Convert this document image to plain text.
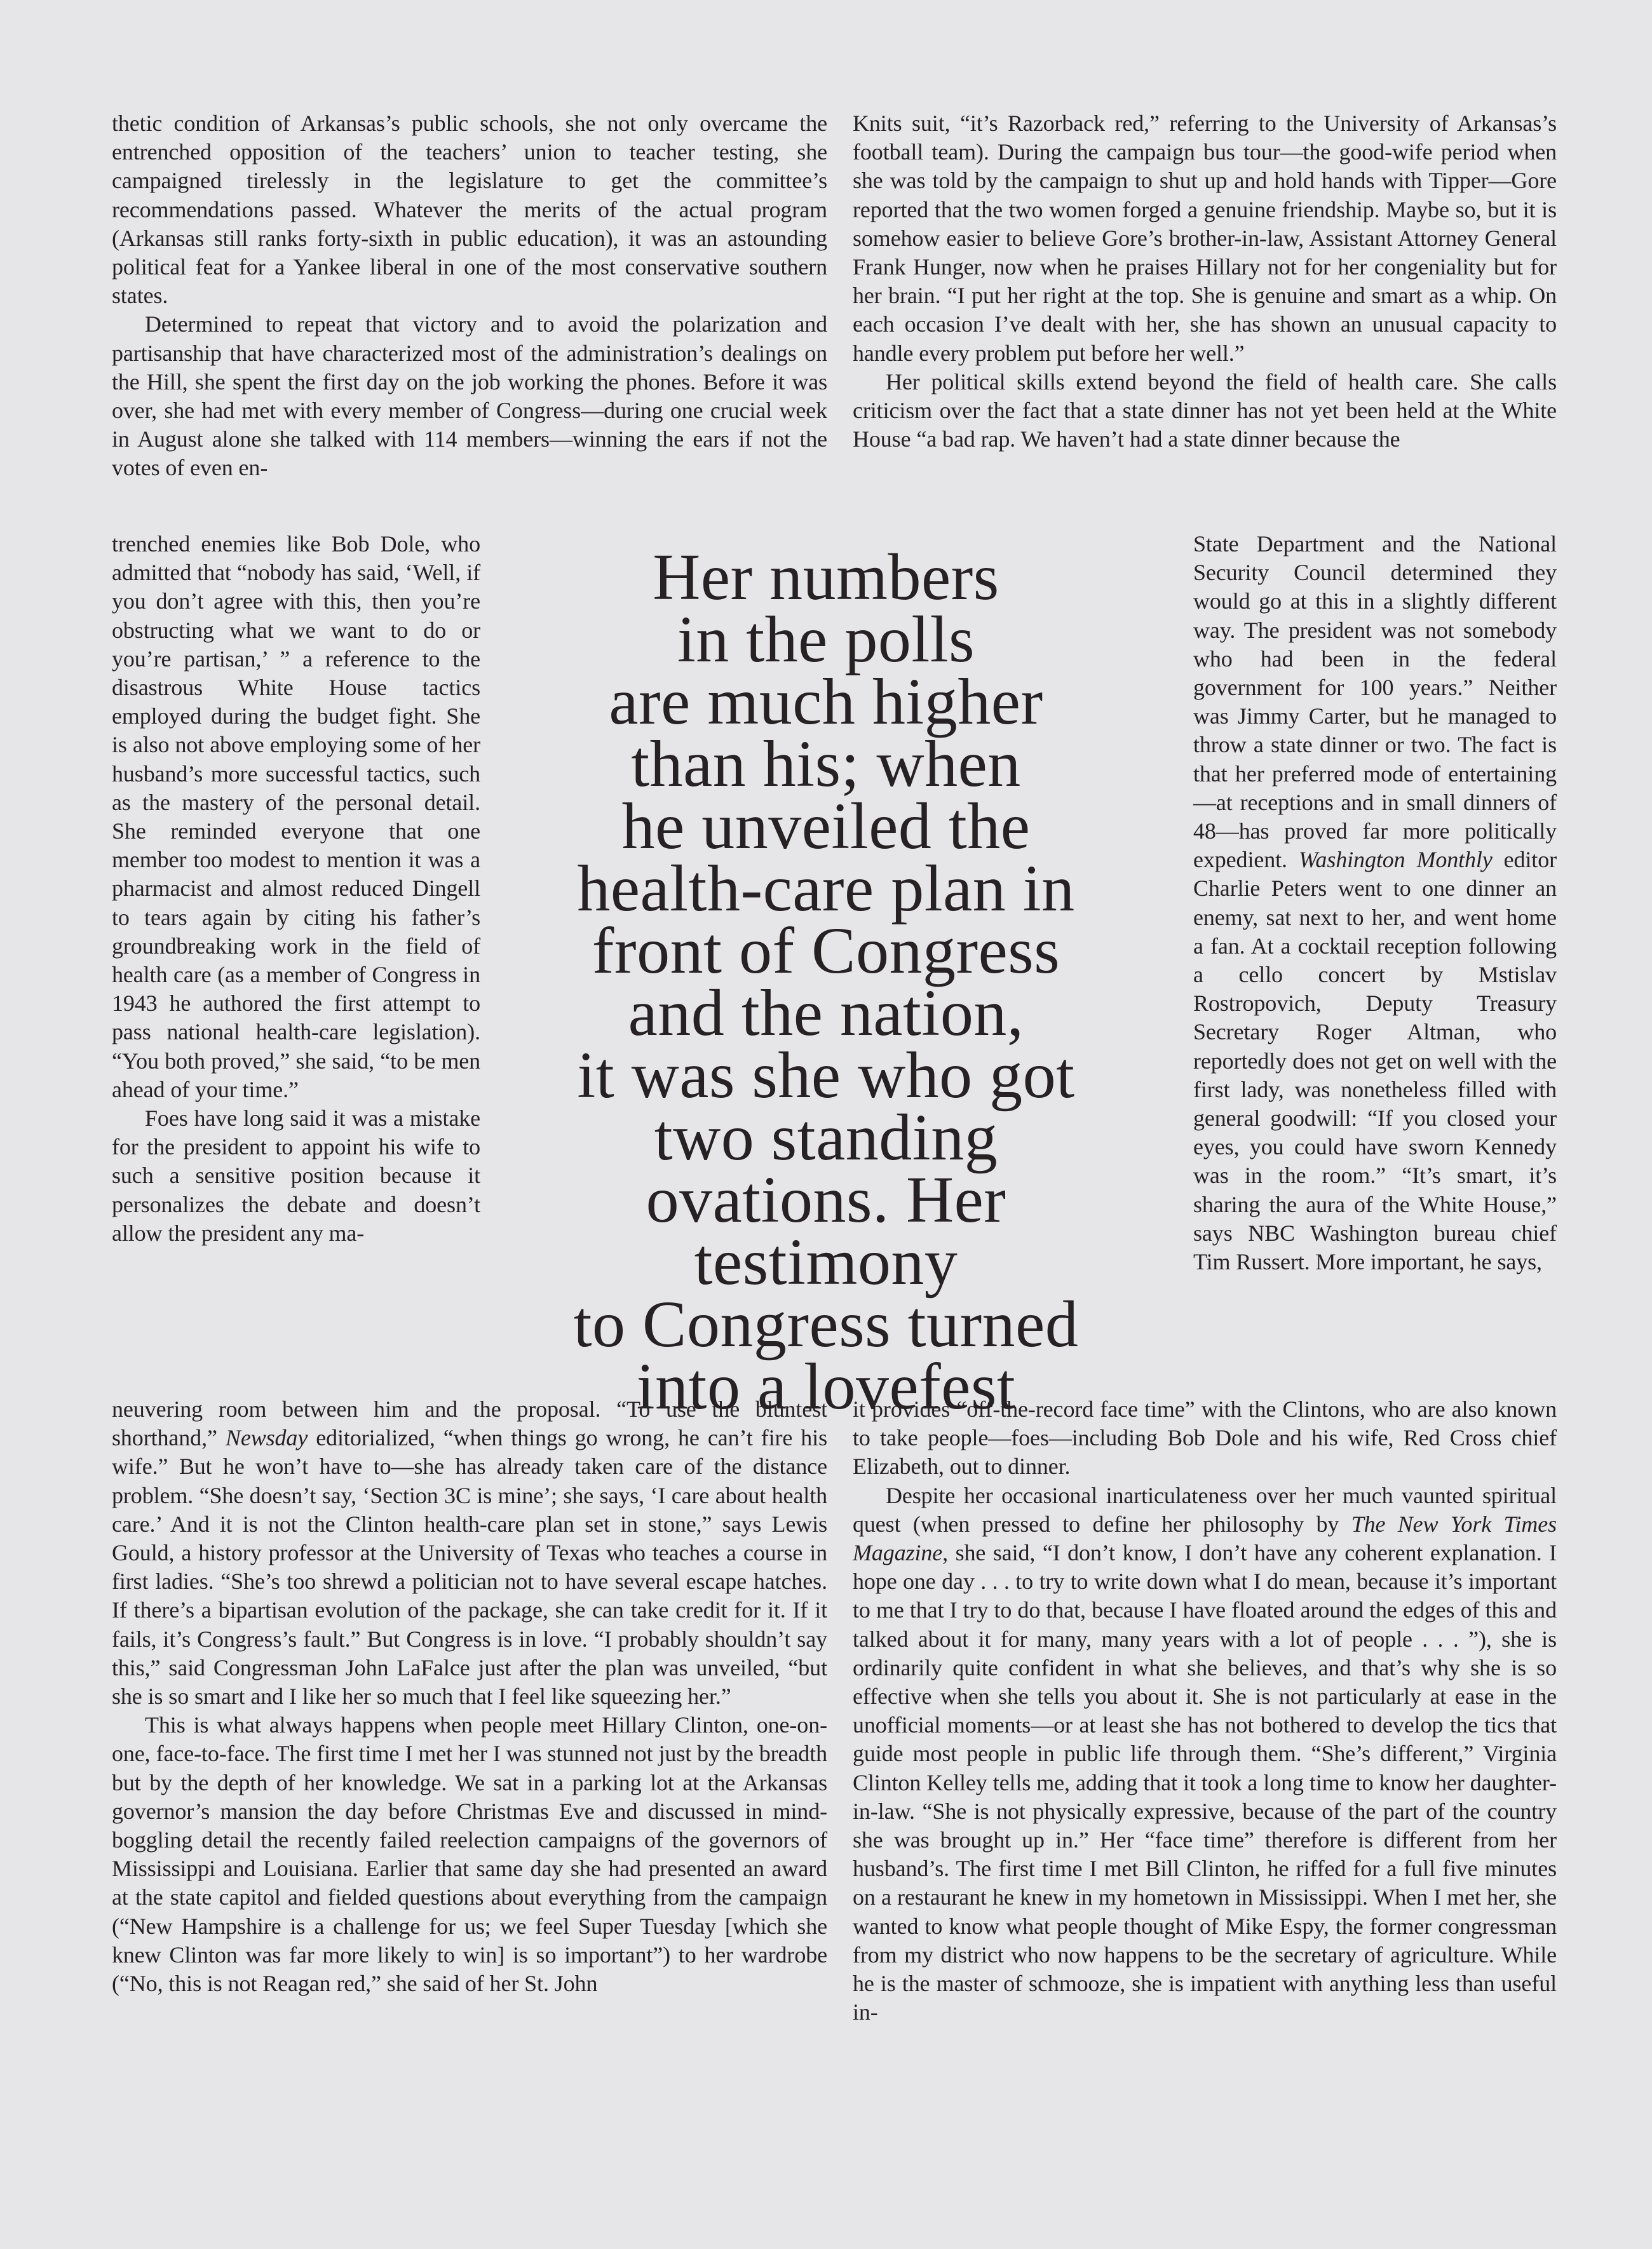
thetic condition of Arkansas’s public schools, she not only overcame the entrenched opposition of the teachers’ union to teacher testing, she campaigned tirelessly in the legislature to get the committee’s recommendations passed. Whatever the merits of the actual program (Arkansas still ranks forty-sixth in public education), it was an astounding political feat for a Yankee liberal in one of the most conservative southern states.

Determined to repeat that victory and to avoid the polarization and partisanship that have characterized most of the administration’s dealings on the Hill, she spent the first day on the job working the phones. Before it was over, she had met with every member of Congress—during one crucial week in August alone she talked with 114 members—winning the ears if not the votes of even en-

trenched enemies like Bob Dole, who admitted that “nobody has said, ‘Well, if you don’t agree with this, then you’re obstructing what we want to do or you’re partisan,’ ” a reference to the disastrous White House tactics employed during the budget fight. She is also not above employing some of her husband’s more successful tactics, such as the mastery of the personal detail. She reminded everyone that one member too modest to mention it was a pharmacist and almost reduced Dingell to tears again by citing his father’s groundbreaking work in the field of health care (as a member of Congress in 1943 he authored the first attempt to pass national health-care legislation). “You both proved,” she said, “to be men ahead of your time.”

Foes have long said it was a mistake for the president to appoint his wife to such a sensitive position because it personalizes the debate and doesn’t allow the president any ma-

neuvering room between him and the proposal. “To use the bluntest shorthand,” Newsday editorialized, “when things go wrong, he can’t fire his wife.” But he won’t have to—she has already taken care of the distance problem. “She doesn’t say, ‘Section 3C is mine’; she says, ‘I care about health care.’ And it is not the Clinton health-care plan set in stone,” says Lewis Gould, a history professor at the University of Texas who teaches a course in first ladies. “She’s too shrewd a politician not to have several escape hatches. If there’s a bipartisan evolution of the package, she can take credit for it. If it fails, it’s Congress’s fault.” But Congress is in love. “I probably shouldn’t say this,” said Congressman John LaFalce just after the plan was unveiled, “but she is so smart and I like her so much that I feel like squeezing her.”

This is what always happens when people meet Hillary Clinton, one-on-one, face-to-face. The first time I met her I was stunned not just by the breadth but by the depth of her knowledge. We sat in a parking lot at the Arkansas governor’s mansion the day before Christmas Eve and discussed in mind-boggling detail the recently failed reelection campaigns of the governors of Mississippi and Louisiana. Earlier that same day she had presented an award at the state capitol and fielded questions about everything from the campaign (“New Hampshire is a challenge for us; we feel Super Tuesday [which she knew Clinton was far more likely to win] is so important”) to her wardrobe (“No, this is not Reagan red,” she said of her St. John

Knits suit, “it’s Razorback red,” referring to the University of Arkansas’s football team). During the campaign bus tour—the good-wife period when she was told by the campaign to shut up and hold hands with Tipper—Gore reported that the two women forged a genuine friendship. Maybe so, but it is somehow easier to believe Gore’s brother-in-law, Assistant Attorney General Frank Hunger, now when he praises Hillary not for her congeniality but for her brain. “I put her right at the top. She is genuine and smart as a whip. On each occasion I’ve dealt with her, she has shown an unusual capacity to handle every problem put before her well.”

Her political skills extend beyond the field of health care. She calls criticism over the fact that a state dinner has not yet been held at the White House “a bad rap. We haven’t had a state dinner because the

State Department and the National Security Council determined they would go at this in a slightly different way. The president was not somebody who had been in the federal government for 100 years.” Neither was Jimmy Carter, but he managed to throw a state dinner or two. The fact is that her preferred mode of entertaining—at receptions and in small dinners of 48—has proved far more politically expedient. Washington Monthly editor Charlie Peters went to one dinner an enemy, sat next to her, and went home a fan. At a cocktail reception following a cello concert by Mstislav Rostropovich, Deputy Treasury Secretary Roger Altman, who reportedly does not get on well with the first lady, was nonetheless filled with general goodwill: “If you closed your eyes, you could have sworn Kennedy was in the room.” “It’s smart, it’s sharing the aura of the White House,” says NBC Washington bureau chief Tim Russert. More important, he says,

it provides “off-the-record face time” with the Clintons, who are also known to take people—foes—including Bob Dole and his wife, Red Cross chief Elizabeth, out to dinner.

Despite her occasional inarticulateness over her much vaunted spiritual quest (when pressed to define her philosophy by The New York Times Magazine, she said, “I don’t know, I don’t have any coherent explanation. I hope one day . . . to try to write down what I do mean, because it’s important to me that I try to do that, because I have floated around the edges of this and talked about it for many, many years with a lot of people . . . ”), she is ordinarily quite confident in what she believes, and that’s why she is so effective when she tells you about it. She is not particularly at ease in the unofficial moments—or at least she has not bothered to develop the tics that guide most people in public life through them. “She’s different,” Virginia Clinton Kelley tells me, adding that it took a long time to know her daughter-in-law. “She is not physically expressive, because of the part of the country she was brought up in.” Her “face time” therefore is different from her husband’s. The first time I met Bill Clinton, he riffed for a full five minutes on a restaurant he knew in my hometown in Mississippi. When I met her, she wanted to know what people thought of Mike Espy, the former congressman from my district who now happens to be the secretary of agriculture. While he is the master of schmooze, she is impatient with anything less than useful in-

Her numbers
in the polls
are much higher
than his; when
he unveiled the
health-care plan in
front of Congress
and the nation,
it was she who got
two standing
ovations. Her
testimony
to Congress turned
into a lovefest
